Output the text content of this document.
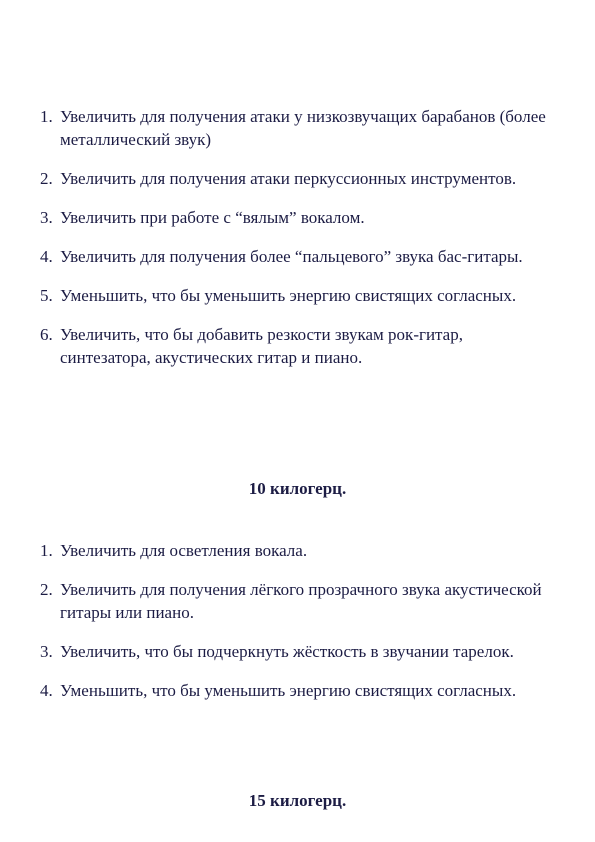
1. Увеличить для получения атаки у низкозвучащих барабанов (более металлический звук)
2. Увеличить для получения атаки перкуссионных инструментов.
3. Увеличить при работе с “вялым” вокалом.
4. Увеличить для получения более “пальцевого” звука бас-гитары.
5. Уменьшить, что бы уменьшить энергию свистящих согласных.
6. Увеличить, что бы добавить резкости звукам рок-гитар, синтезатора, акустических гитар и пиано.
10 килогерц.
1. Увеличить для осветления вокала.
2. Увеличить для получения лёгкого прозрачного звука акустической гитары или пиано.
3. Увеличить, что бы подчеркнуть жёсткость в звучании тарелок.
4. Уменьшить, что бы уменьшить энергию свистящих согласных.
15 килогерц.
